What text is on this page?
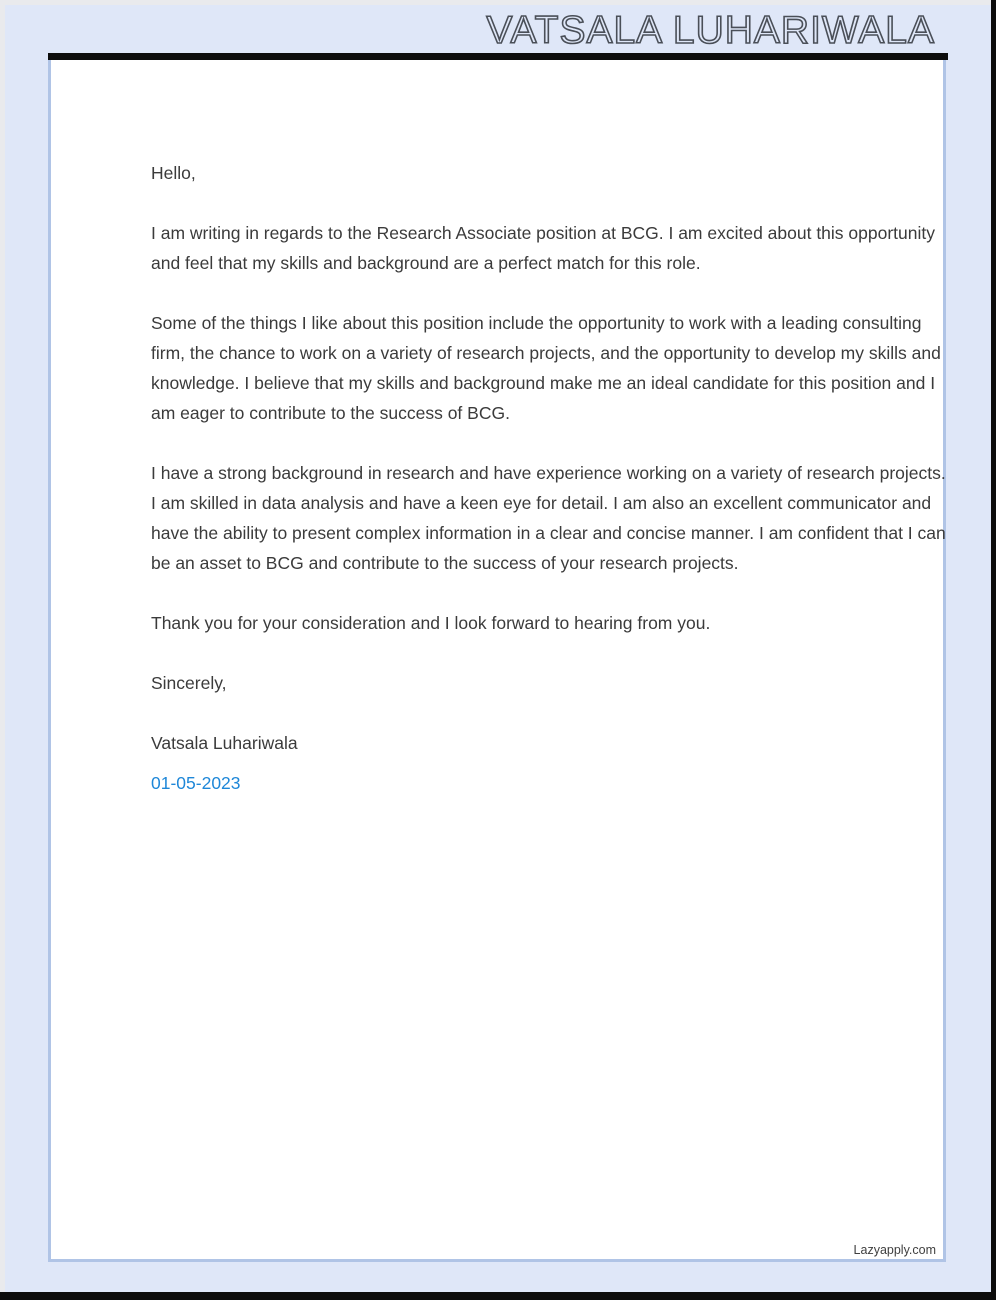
VATSALA LUHARIWALA

Hello,

I am writing in regards to the Research Associate position at BCG. I am excited about this opportunity and feel that my skills and background are a perfect match for this role.

Some of the things I like about this position include the opportunity to work with a leading consulting firm, the chance to work on a variety of research projects, and the opportunity to develop my skills and knowledge. I believe that my skills and background make me an ideal candidate for this position and I am eager to contribute to the success of BCG.

I have a strong background in research and have experience working on a variety of research projects. I am skilled in data analysis and have a keen eye for detail. I am also an excellent communicator and have the ability to present complex information in a clear and concise manner. I am confident that I can be an asset to BCG and contribute to the success of your research projects.

Thank you for your consideration and I look forward to hearing from you.

Sincerely,

Vatsala Luhariwala

01-05-2023

Lazyapply.com
